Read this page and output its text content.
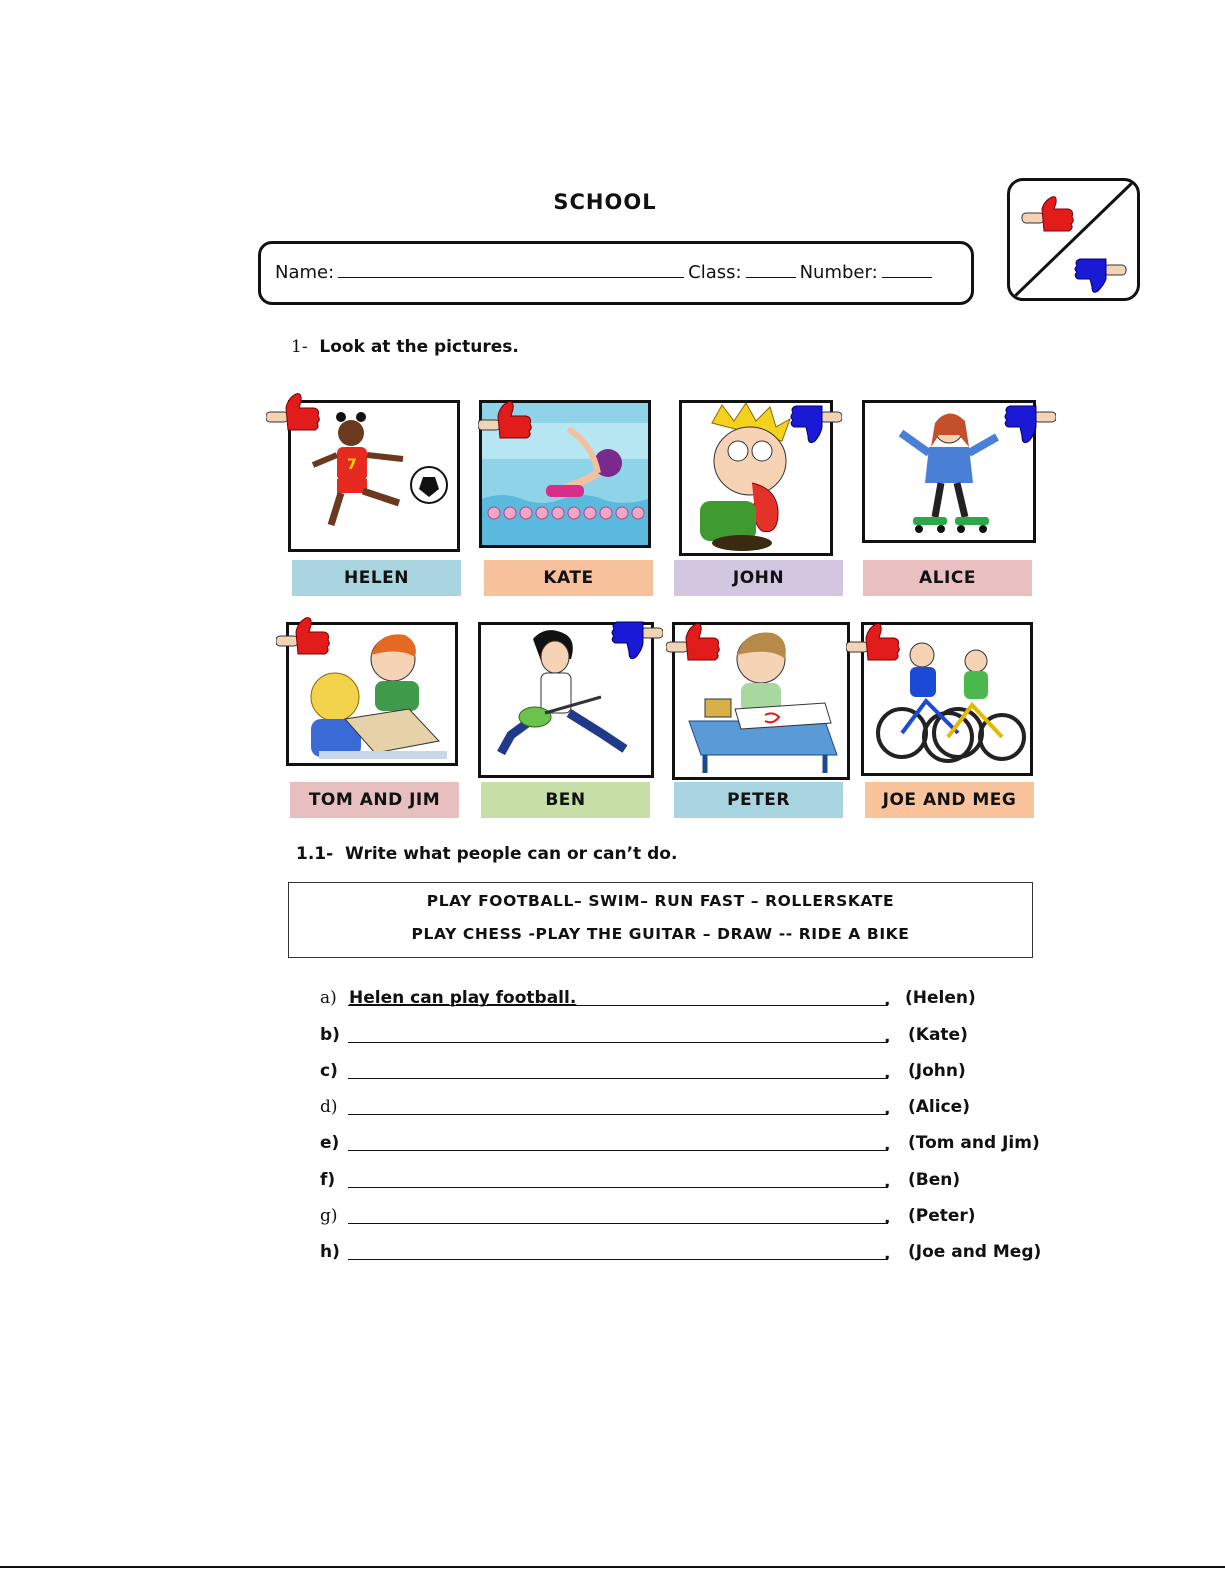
SCHOOL
Name:	Class:	Number:
1- Look at the pictures.
7
HELEN	KATE	JOHN	ALICE
TOM AND JIM	BEN	PETER	JOE AND MEG
1.1- Write what people can or can’t do.
PLAY FOOTBALL– SWIM– RUN FAST – ROLLERSKATE
PLAY CHESS -PLAY THE GUITAR – DRAW -- RIDE A BIKE
a) Helen can play football.	. (Helen)
b)	. (Kate)
c)	. (John)
d)	. (Alice)
e)	. (Tom and Jim)
f)	. (Ben)
g)	. (Peter)
h)	. (Joe and Meg)
